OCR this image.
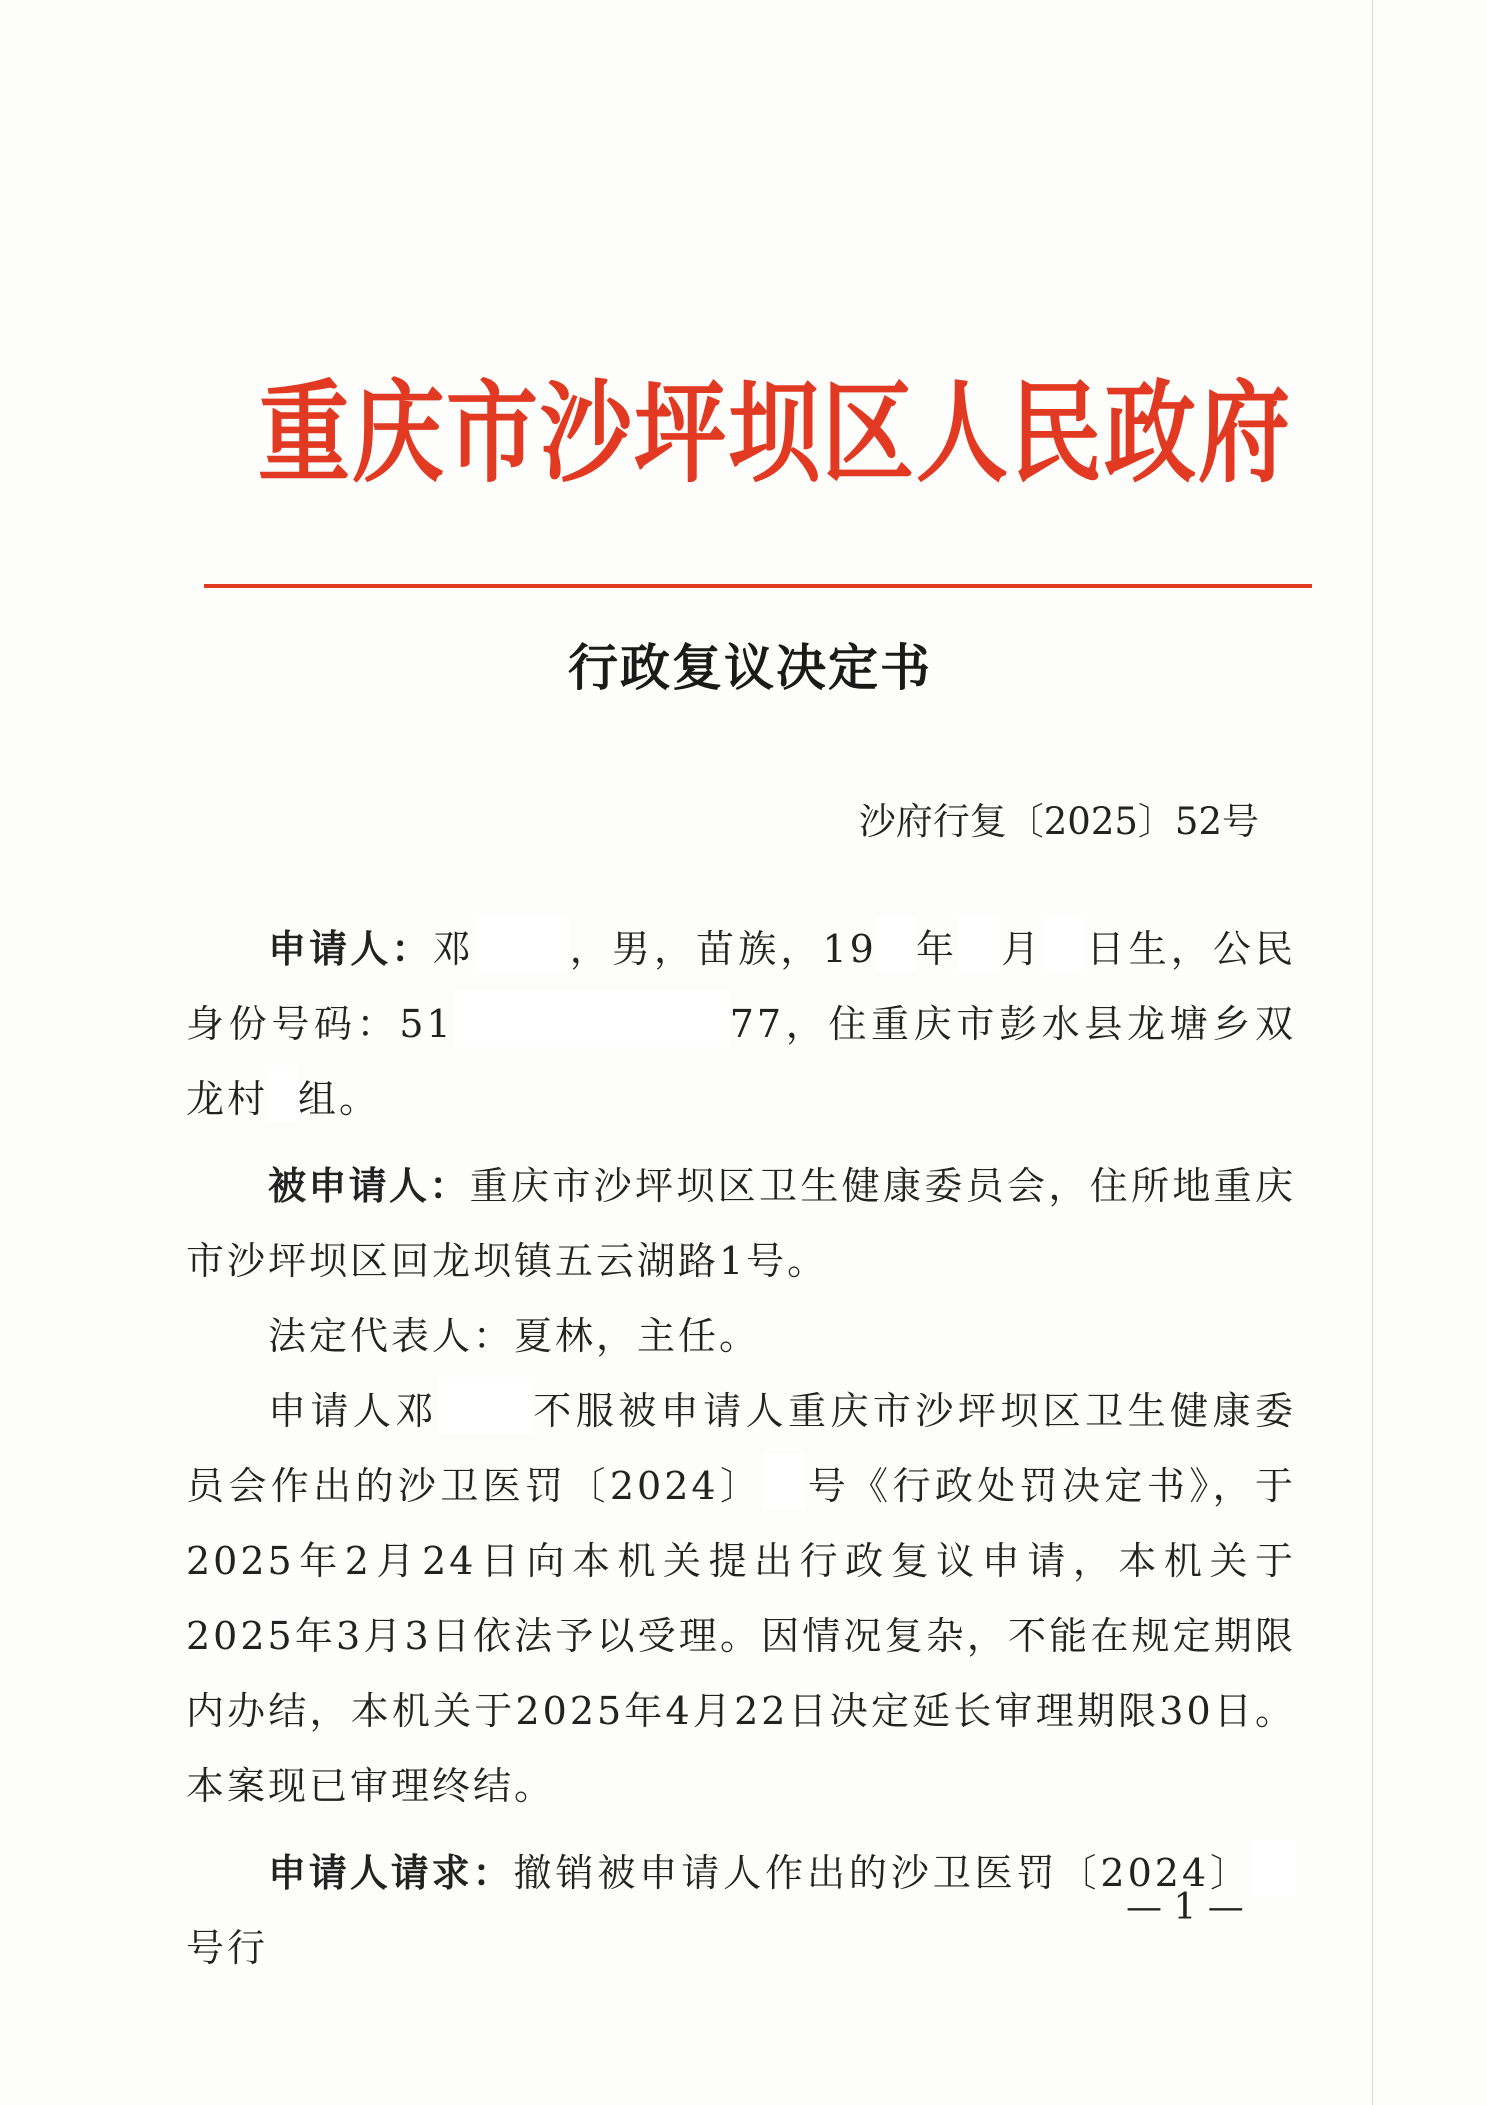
重庆市沙坪坝区人民政府
行政复议决定书
沙府行复〔2025〕52号

申请人：邓 ，男，苗族，19 年 月 日生，公民身份号码：51	77，住重庆市彭水县龙塘乡双龙村 组。

被申请人：重庆市沙坪坝区卫生健康委员会，住所地重庆市沙坪坝区回龙坝镇五云湖路1号。

法定代表人：夏林，主任。

申请人邓 不服被申请人重庆市沙坪坝区卫生健康委员会作出的沙卫医罚〔2024〕 号《行政处罚决定书》，于2025年2月24日向本机关提出行政复议申请，本机关于2025年3月3日依法予以受理。因情况复杂，不能在规定期限内办结，本机关于2025年4月22日决定延长审理期限30日。本案现已审理终结。

申请人请求：撤销被申请人作出的沙卫医罚〔2024〕号行

— 1 —
